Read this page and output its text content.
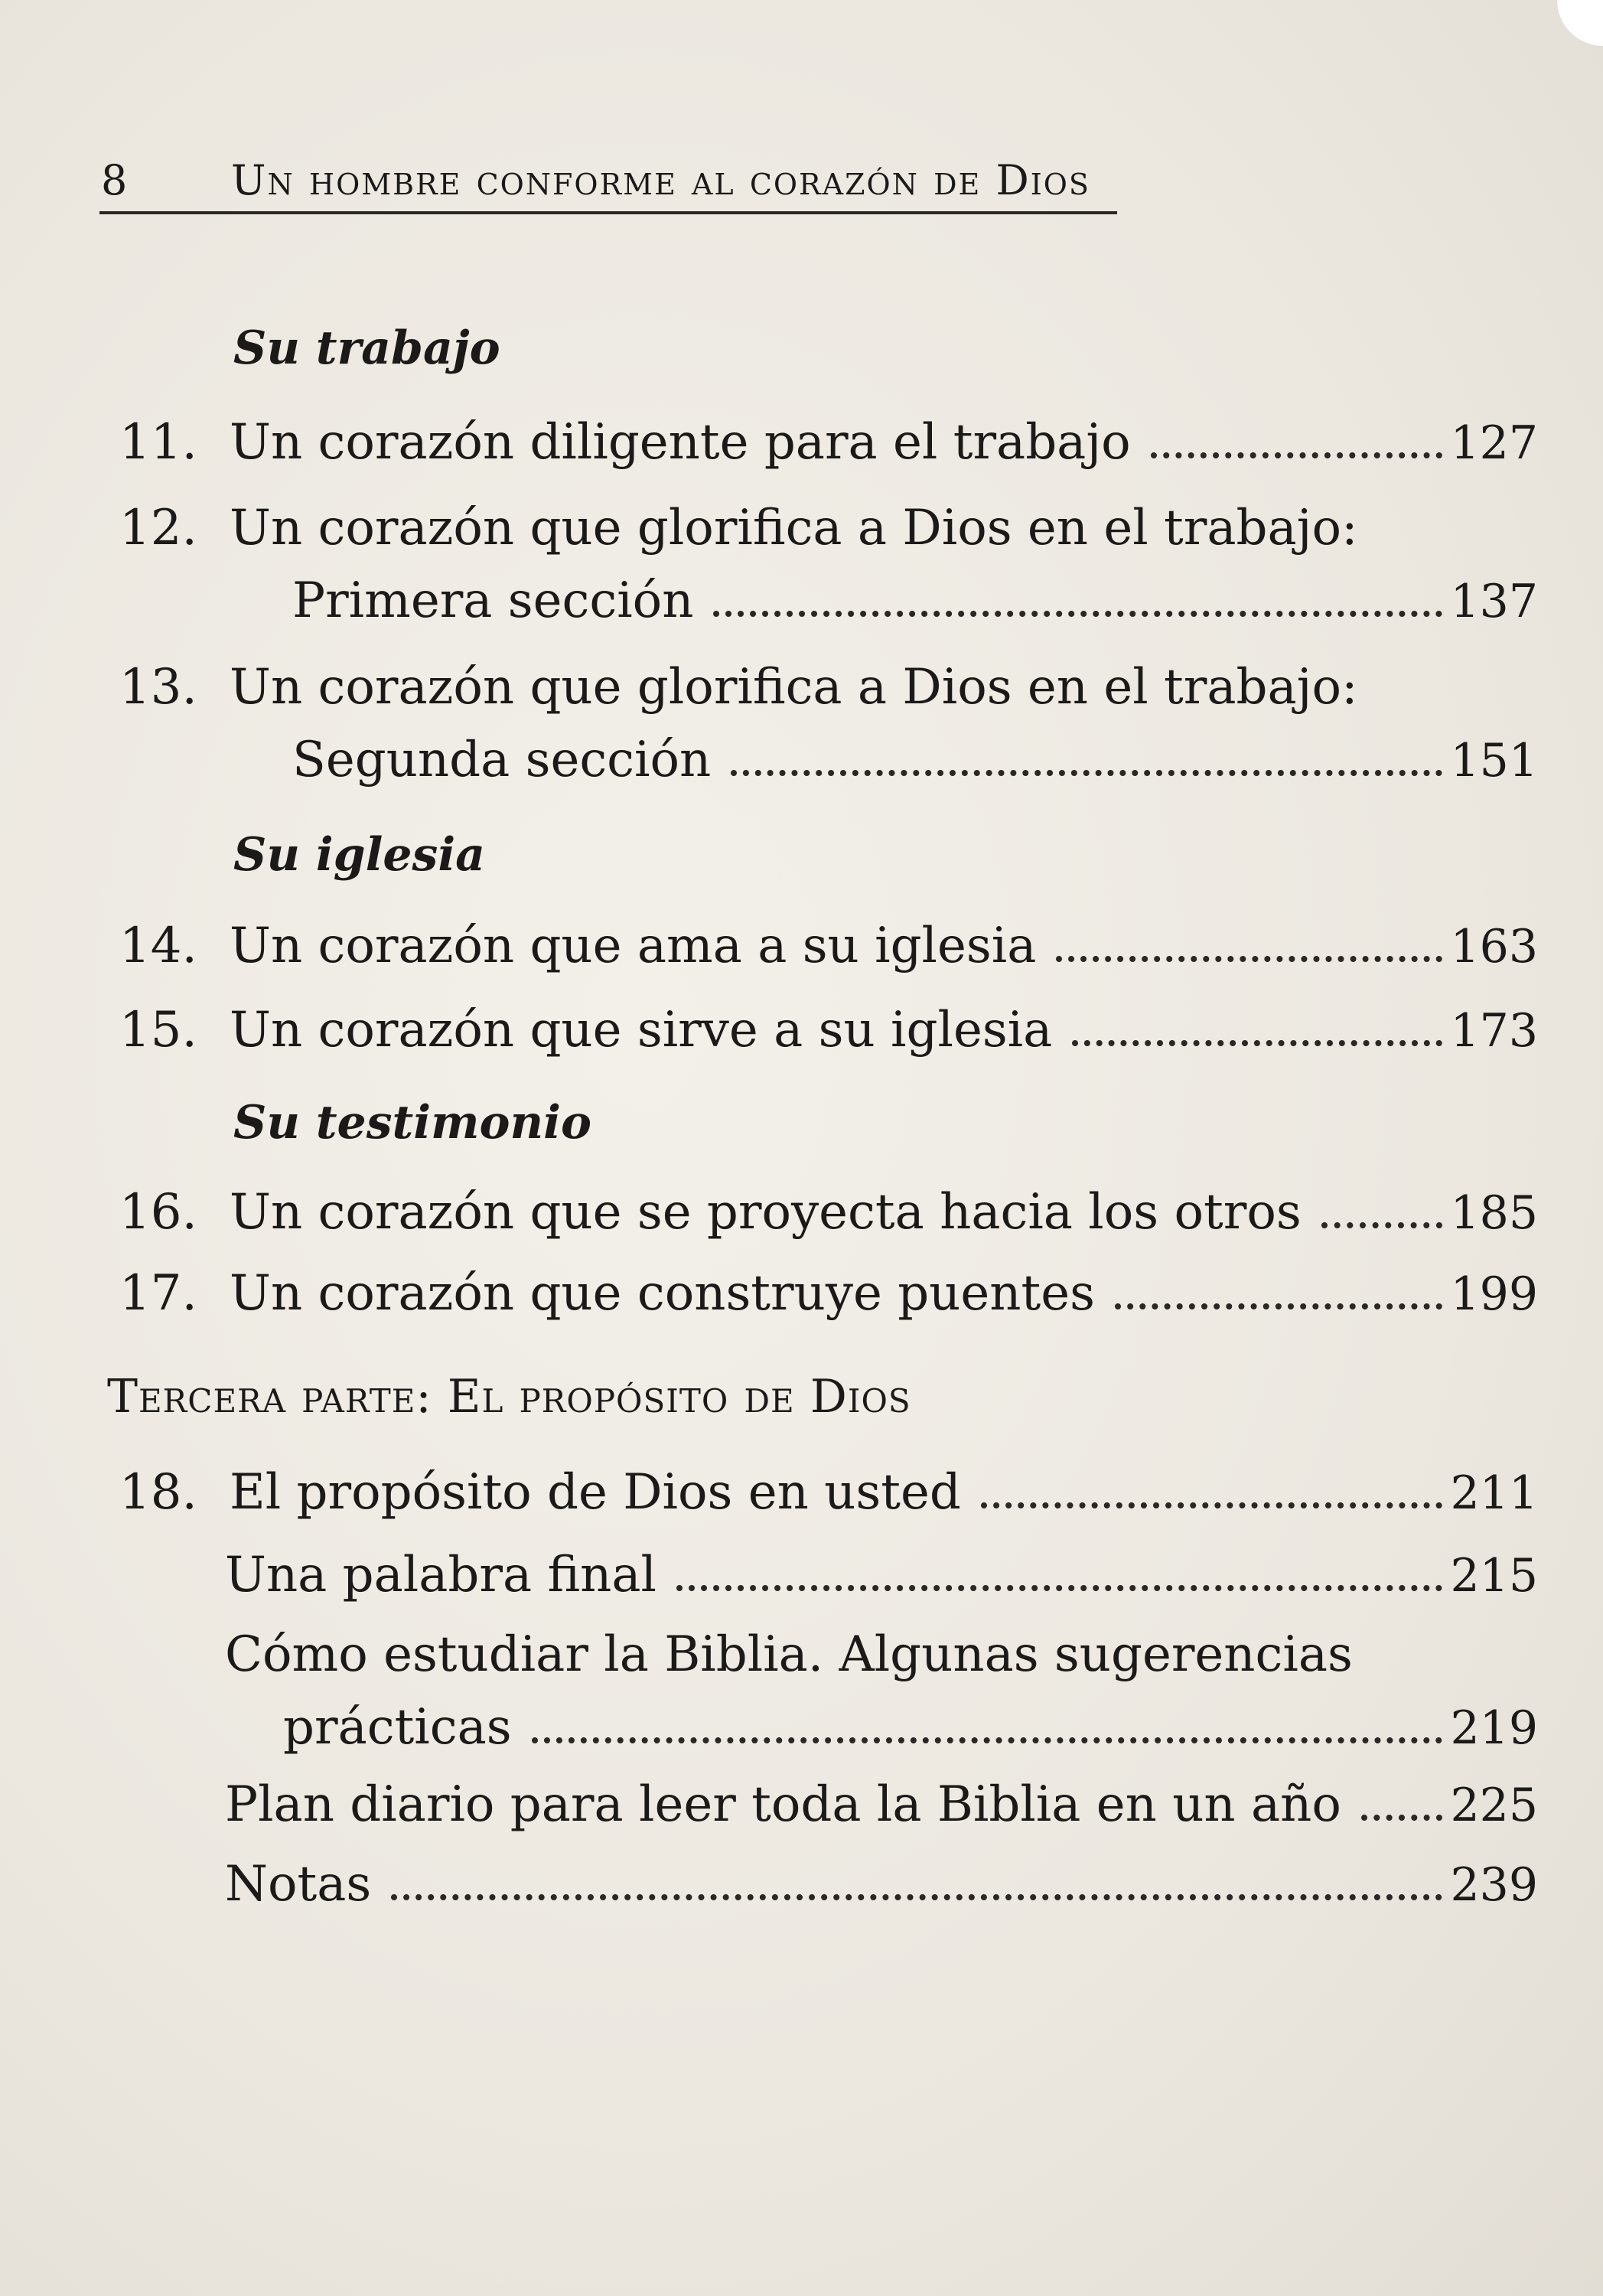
8 Un hombre conforme al corazón de Dios
Su trabajo
11. Un corazón diligente para el trabajo	127
12. Un corazón que glorifica a Dios en el trabajo:
Primera sección	137
13. Un corazón que glorifica a Dios en el trabajo:
Segunda sección	151
Su iglesia
14. Un corazón que ama a su iglesia	163
15. Un corazón que sirve a su iglesia	173
Su testimonio
16. Un corazón que se proyecta hacia los otros	185
17. Un corazón que construye puentes	199
Tercera parte: El propósito de Dios
18. El propósito de Dios en usted	211
Una palabra final	215
Cómo estudiar la Biblia. Algunas sugerencias
prácticas	219
Plan diario para leer toda la Biblia en un año 225
Notas	239
